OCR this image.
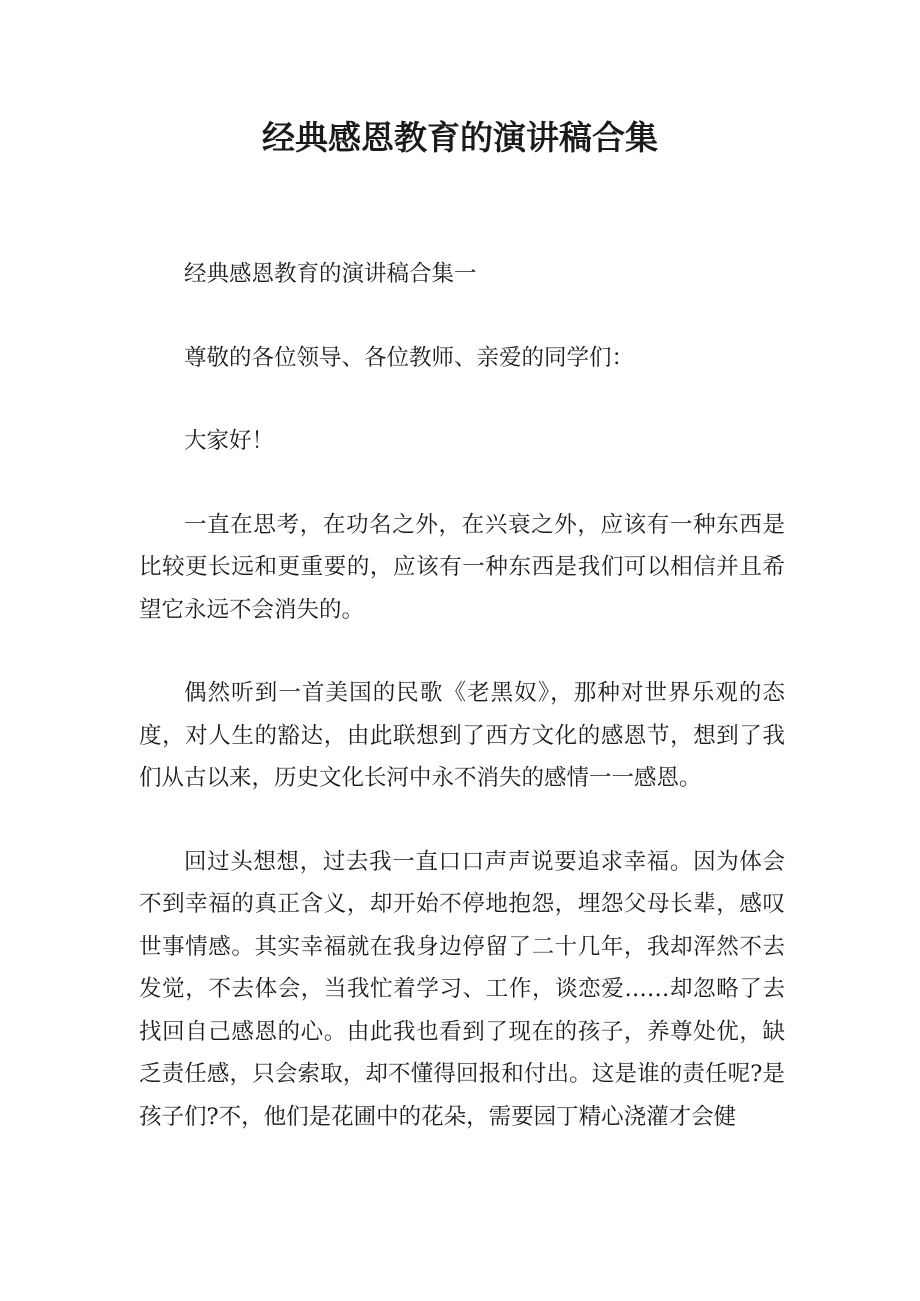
经典感恩教育的演讲稿合集

经典感恩教育的演讲稿合集一

尊敬的各位领导、各位教师、亲爱的同学们：

大家好！

一直在思考，在功名之外，在兴衰之外，应该有一种东西是比较更长远和更重要的，应该有一种东西是我们可以相信并且希望它永远不会消失的。

偶然听到一首美国的民歌《老黑奴》，那种对世界乐观的态度，对人生的豁达，由此联想到了西方文化的感恩节，想到了我们从古以来，历史文化长河中永不消失的感情一一感恩。

回过头想想，过去我一直口口声声说要追求幸福。因为体会不到幸福的真正含义，却开始不停地抱怨，埋怨父母长辈，感叹世事情感。其实幸福就在我身边停留了二十几年，我却浑然不去发觉，不去体会，当我忙着学习、工作，谈恋爱……却忽略了去找回自己感恩的心。由此我也看到了现在的孩子，养尊处优，缺乏责任感，只会索取，却不懂得回报和付出。这是谁的责任呢?是孩子们?不，他们是花圃中的花朵，需要园丁精心浇灌才会健
